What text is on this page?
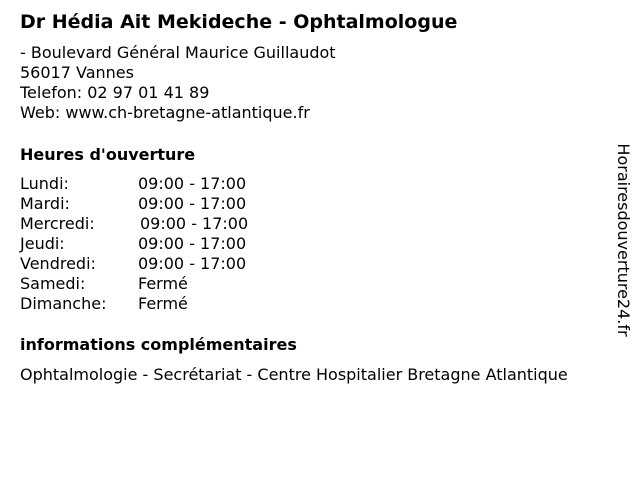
Dr Hédia Ait Mekideche - Ophtalmologue
- Boulevard Général Maurice Guillaudot
56017 Vannes
Telefon: 02 97 01 41 89
Web: www.ch-bretagne-atlantique.fr
Heures d'ouverture
Lundi:	09:00 - 17:00
Mardi:	09:00 - 17:00
Mercredi:	09:00 - 17:00
Jeudi:	09:00 - 17:00
Vendredi:	09:00 - 17:00
Samedi:	Fermé
Dimanche: Fermé
informations complémentaires
Ophtalmologie - Secrétariat - Centre Hospitalier Bretagne Atlantique
Horairesdouverture24.fr
